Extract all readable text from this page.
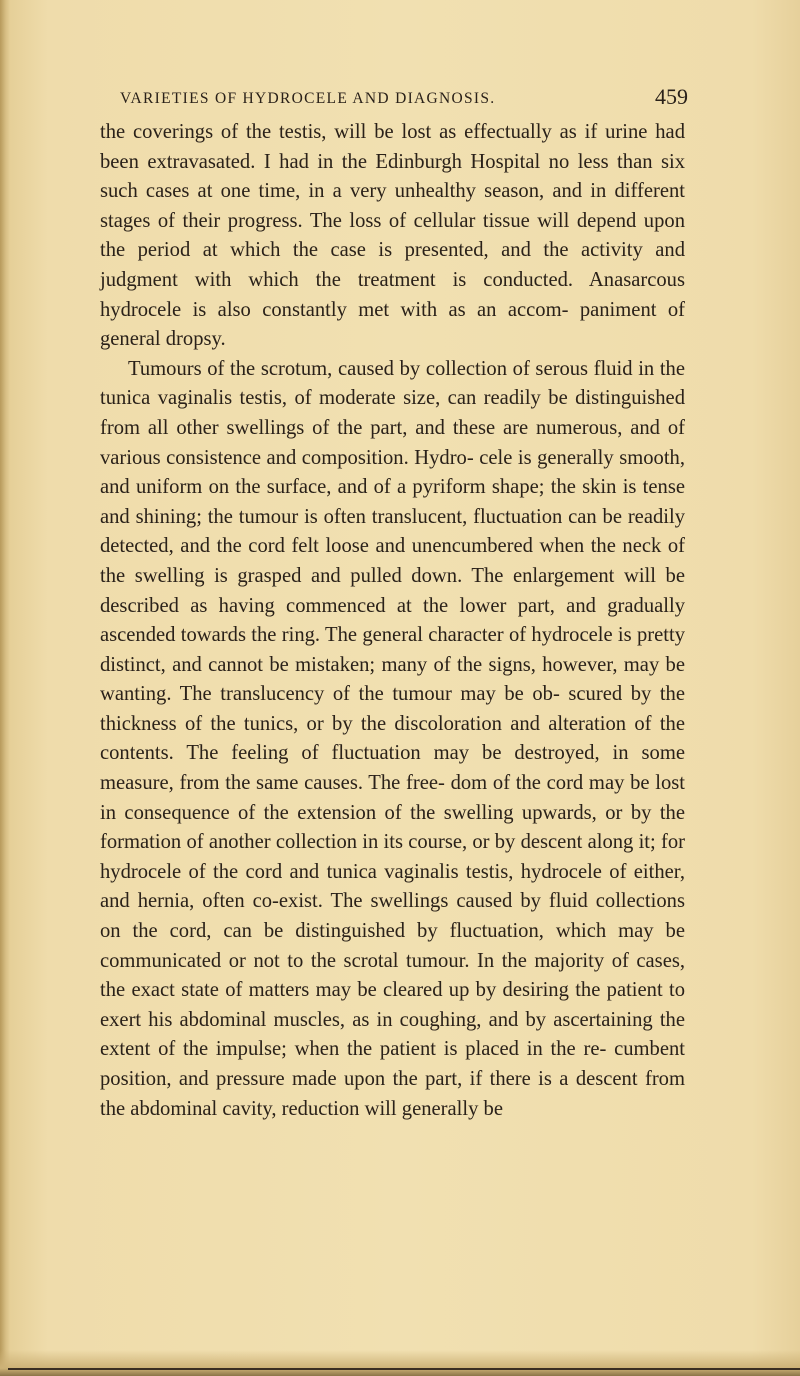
VARIETIES OF HYDROCELE AND DIAGNOSIS.	459

the coverings of the testis, will be lost as effectually as if urine had been extravasated. I had in the Edinburgh Hospital no less than six such cases at one time, in a very unhealthy season, and in different stages of their progress. The loss of cellular tissue will depend upon the period at which the case is presented, and the activity and judgment with which the treatment is conducted. Anasarcous hydrocele is also constantly met with as an accom- paniment of general dropsy.

Tumours of the scrotum, caused by collection of serous fluid in the tunica vaginalis testis, of moderate size, can readily be distinguished from all other swellings of the part, and these are numerous, and of various consistence and composition. Hydro- cele is generally smooth, and uniform on the surface, and of a pyriform shape; the skin is tense and shining; the tumour is often translucent, fluctuation can be readily detected, and the cord felt loose and unencumbered when the neck of the swelling is grasped and pulled down. The enlargement will be described as having commenced at the lower part, and gradually ascended towards the ring. The general character of hydrocele is pretty distinct, and cannot be mistaken; many of the signs, however, may be wanting. The translucency of the tumour may be ob- scured by the thickness of the tunics, or by the discoloration and alteration of the contents. The feeling of fluctuation may be destroyed, in some measure, from the same causes. The free- dom of the cord may be lost in consequence of the extension of the swelling upwards, or by the formation of another collection in its course, or by descent along it; for hydrocele of the cord and tunica vaginalis testis, hydrocele of either, and hernia, often co-exist. The swellings caused by fluid collections on the cord, can be distinguished by fluctuation, which may be communicated or not to the scrotal tumour. In the majority of cases, the exact state of matters may be cleared up by desiring the patient to exert his abdominal muscles, as in coughing, and by ascertaining the extent of the impulse; when the patient is placed in the re- cumbent position, and pressure made upon the part, if there is a descent from the abdominal cavity, reduction will generally be
